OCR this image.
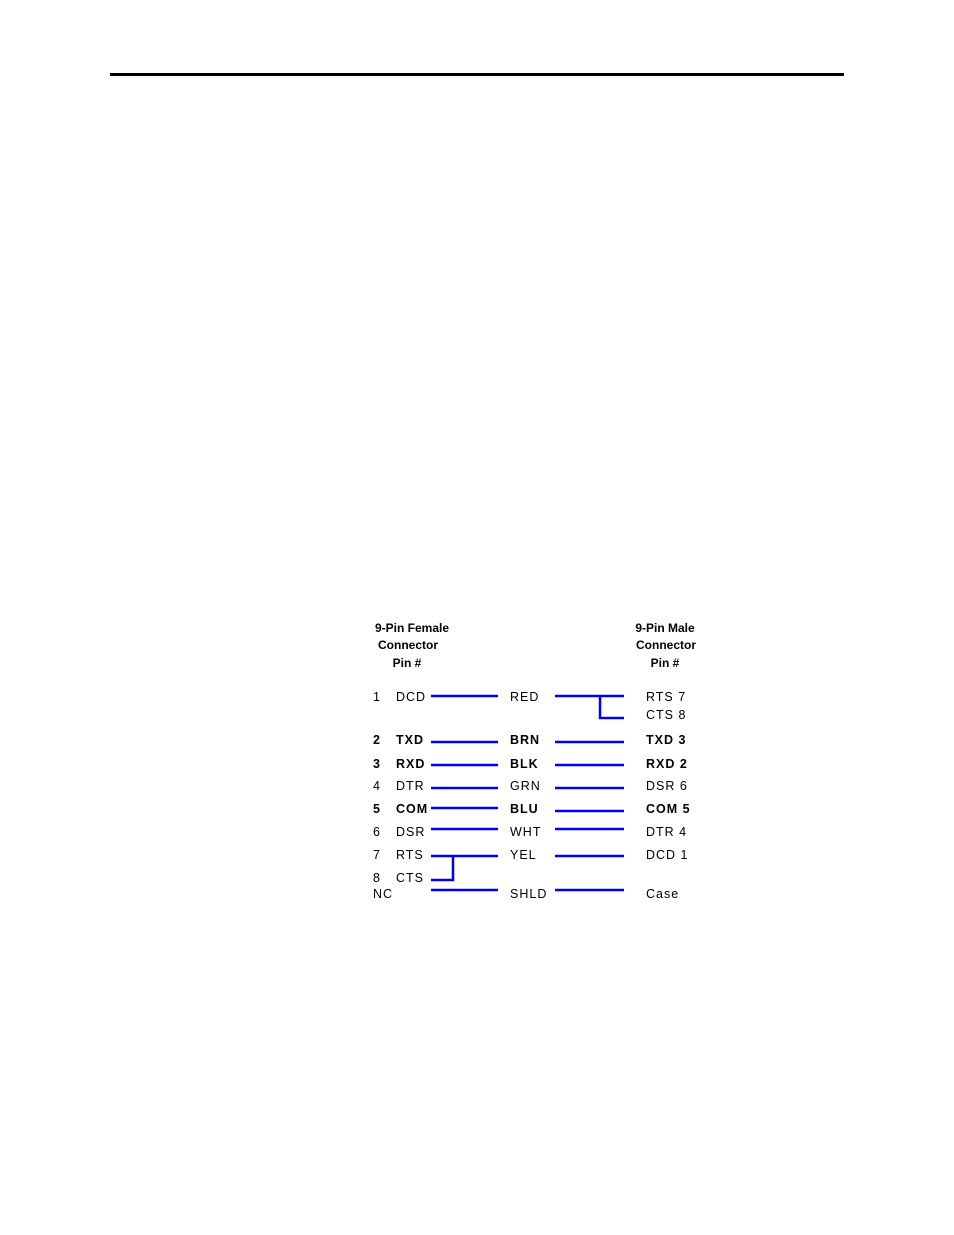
9-Pin Female
Connector
Pin #
9-Pin Male
Connector
Pin #
1 DCD	RED	RTS 7
CTS 8
2 TXD	BRN	TXD 3
3 RXD	BLK	RXD 2
4 DTR	GRN	DSR 6
5 COM	BLU	COM 5
6 DSR	WHT	DTR 4
7 RTS	YEL	DCD 1
8 CTS
NC	SHLD	Case
